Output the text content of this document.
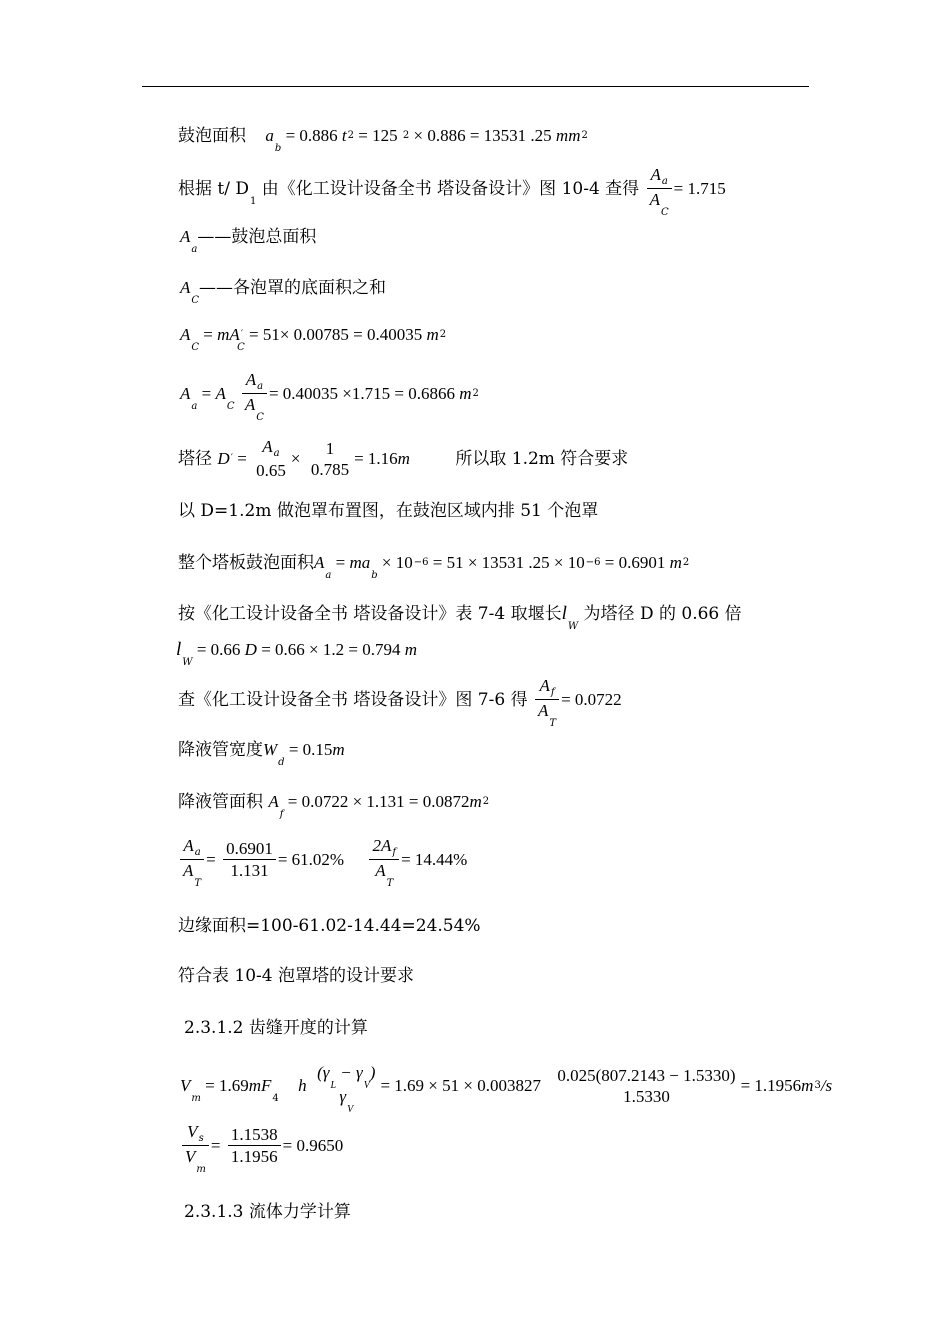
鼓泡面积 $a_b = 0.886$ t2 = 125 2 × 0.886 = 13531 .25 mm2
根据 t/ $D_1$ 由《化工设计设备全书 塔设备设计》图 10-4 查得 $\frac{A_a}{A_C} = 1.715$
$A_a——$鼓泡总面积
$A_C——$各泡罩的底面积之和
$A_C = mA'_C = 51\times 0.00785 = 0.40035$ m2
$A_a = A_C \frac{A_a}{A_C} = 0.40035 \times 1.715 = 0.6866$ m2
塔径 D′ =
$A_a$
0.65
×
1
0.785
= 1.16m	所以取 1.2m 符合要求
以 D=1.2m 做泡罩布置图，在鼓泡区域内排 51 个泡罩
整个塔板鼓泡面积$A_a = ma_b \times 10-6 = 51 \times 13531$ .25 × 10−6 = 0.6901 m2
按《化工设计设备全书 塔设备设计》表 7-4 取堰长$l_W$ 为塔径 D 的 0.66 倍
$l_W = 0.66$ D = 0.66 × 1.2 = 0.794 m
查《化工设计设备全书 塔设备设计》图 7-6 得 $\frac{A_f}{A_T} = 0.0722$
降液管宽度$W_d = 0.15m$
降液管面积 $A_f = 0.0722 \times 1.131 = 0.0872m2$
$\frac{A_a}{A_T} = \frac{0.6901}{1.131} = 61.02\% \frac{2A_f}{A_T} = 14.44\%$
边缘面积=100-61.02-14.44=24.54%
符合表 10-4 泡罩塔的设计要求
2.3.1.2 齿缝开度的计算
$V_m = 1.69mF_4$ h
$(\gamma_L - \gamma_V)$
$\gamma_V$
= 1.69 × 51 × 0.003827
0.025(807.2143 − 1.5330)
1.5330
= 1.1956m3/s
$\frac{V_s}{V_m} = \frac{1.1538}{1.1956} = 0.9650$
2.3.1.3 流体力学计算
